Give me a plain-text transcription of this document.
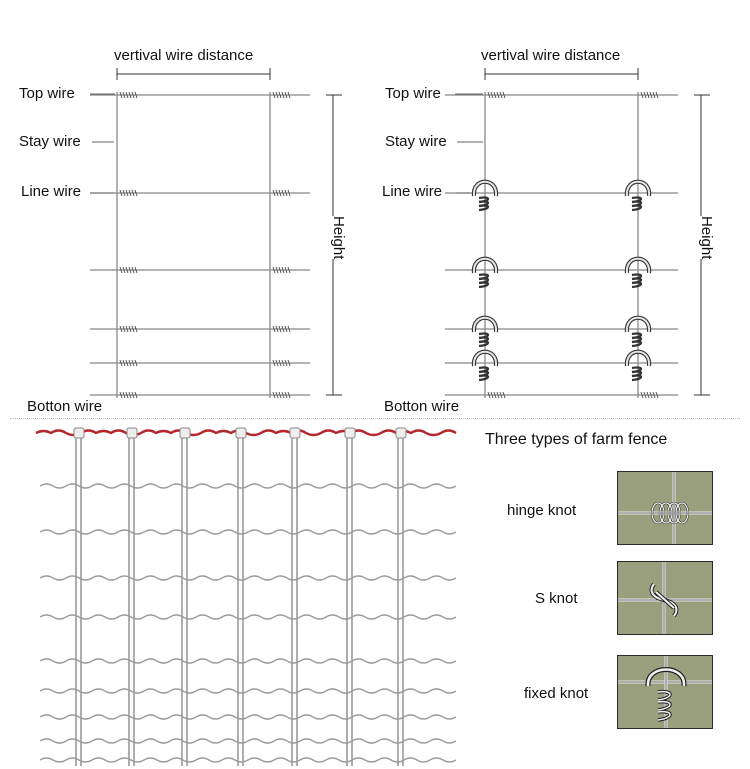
vertival wire distance
Top wire
Stay wire
Line wire
Botton wire
Height
vertival wire distance
Top wire
Stay wire
Line wire
Botton wire
Height
Three types of farm fence
hinge knot
S knot
fixed knot
